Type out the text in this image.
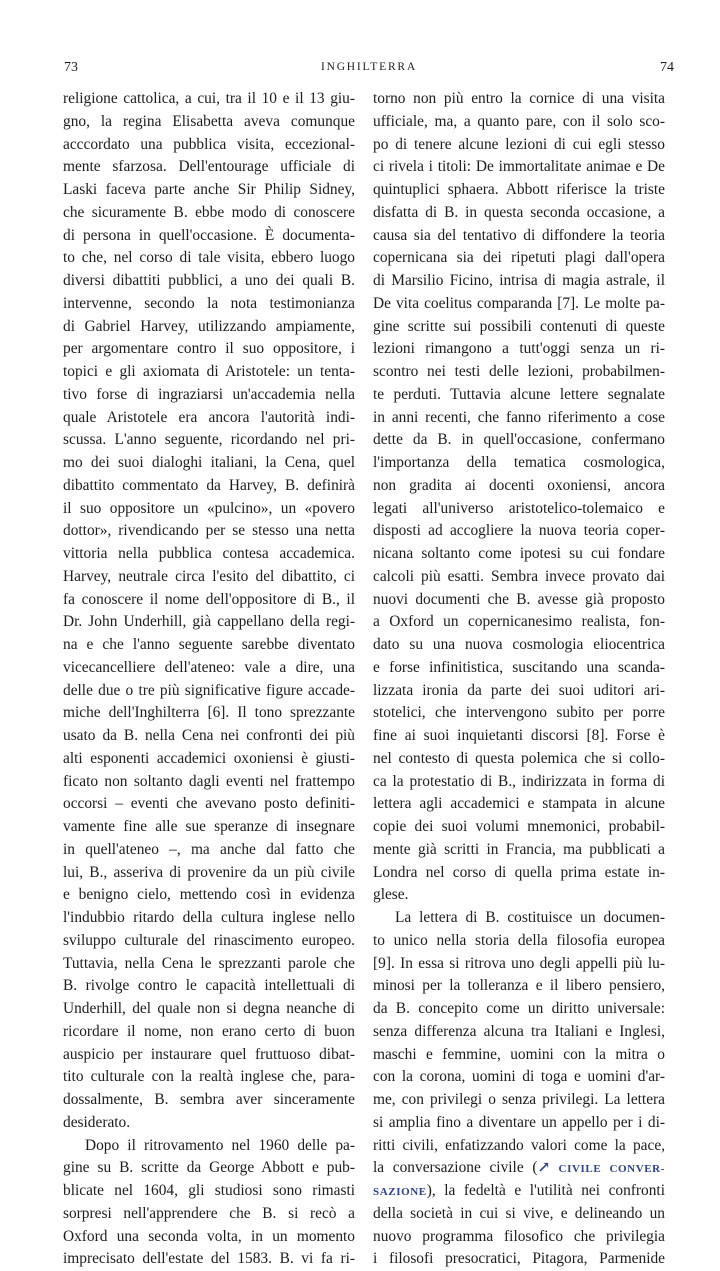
73	INGHILTERRA	74
religione cattolica, a cui, tra il 10 e il 13 giu-
gno, la regina Elisabetta aveva comunque
acccordato una pubblica visita, eccezional-
mente sfarzosa. Dell'entourage ufficiale di
Laski faceva parte anche Sir Philip Sidney,
che sicuramente B. ebbe modo di conoscere
di persona in quell'occasione. È documenta-
to che, nel corso di tale visita, ebbero luogo
diversi dibattiti pubblici, a uno dei quali B.
intervenne, secondo la nota testimonianza
di Gabriel Harvey, utilizzando ampiamente,
per argomentare contro il suo oppositore, i
topici e gli axiomata di Aristotele: un tenta-
tivo forse di ingraziarsi un'accademia nella
quale Aristotele era ancora l'autorità indi-
scussa. L'anno seguente, ricordando nel pri-
mo dei suoi dialoghi italiani, la Cena, quel
dibattito commentato da Harvey, B. definirà
il suo oppositore un «pulcino», un «povero
dottor», rivendicando per se stesso una netta
vittoria nella pubblica contesa accademica.
Harvey, neutrale circa l'esito del dibattito, ci
fa conoscere il nome dell'oppositore di B., il
Dr. John Underhill, già cappellano della regi-
na e che l'anno seguente sarebbe diventato
vicecancelliere dell'ateneo: vale a dire, una
delle due o tre più significative figure accade-
miche dell'Inghilterra [6]. Il tono sprezzante
usato da B. nella Cena nei confronti dei più
alti esponenti accademici oxoniensi è giusti-
ficato non soltanto dagli eventi nel frattempo
occorsi – eventi che avevano posto definiti-
vamente fine alle sue speranze di insegnare
in quell'ateneo –, ma anche dal fatto che
lui, B., asseriva di provenire da un più civile
e benigno cielo, mettendo così in evidenza
l'indubbio ritardo della cultura inglese nello
sviluppo culturale del rinascimento europeo.
Tuttavia, nella Cena le sprezzanti parole che
B. rivolge contro le capacità intellettuali di
Underhill, del quale non si degna neanche di
ricordare il nome, non erano certo di buon
auspicio per instaurare quel fruttuoso dibat-
tito culturale con la realtà inglese che, para-
dossalmente, B. sembra aver sinceramente
desiderato.
Dopo il ritrovamento nel 1960 delle pa-
gine su B. scritte da George Abbott e pub-
blicate nel 1604, gli studiosi sono rimasti
sorpresi nell'apprendere che B. si recò a
Oxford una seconda volta, in un momento
imprecisato dell'estate del 1583. B. vi fa ri-
torno non più entro la cornice di una visita
ufficiale, ma, a quanto pare, con il solo sco-
po di tenere alcune lezioni di cui egli stesso
ci rivela i titoli: De immortalitate animae e De
quintuplici sphaera. Abbott riferisce la triste
disfatta di B. in questa seconda occasione, a
causa sia del tentativo di diffondere la teoria
copernicana sia dei ripetuti plagi dall'opera
di Marsilio Ficino, intrisa di magia astrale, il
De vita coelitus comparanda [7]. Le molte pa-
gine scritte sui possibili contenuti di queste
lezioni rimangono a tutt'oggi senza un ri-
scontro nei testi delle lezioni, probabilmen-
te perduti. Tuttavia alcune lettere segnalate
in anni recenti, che fanno riferimento a cose
dette da B. in quell'occasione, confermano
l'importanza della tematica cosmologica,
non gradita ai docenti oxoniensi, ancora
legati all'universo aristotelico-tolemaico e
disposti ad accogliere la nuova teoria coper-
nicana soltanto come ipotesi su cui fondare
calcoli più esatti. Sembra invece provato dai
nuovi documenti che B. avesse già proposto
a Oxford un copernicanesimo realista, fon-
dato su una nuova cosmologia eliocentrica
e forse infinitistica, suscitando una scanda-
lizzata ironia da parte dei suoi uditori ari-
stotelici, che intervengono subito per porre
fine ai suoi inquietanti discorsi [8]. Forse è
nel contesto di questa polemica che si collo-
ca la protestatio di B., indirizzata in forma di
lettera agli accademici e stampata in alcune
copie dei suoi volumi mnemonici, probabil-
mente già scritti in Francia, ma pubblicati a
Londra nel corso di quella prima estate in-
glese.
La lettera di B. costituisce un documen-
to unico nella storia della filosofia europea
[9]. In essa si ritrova uno degli appelli più lu-
minosi per la tolleranza e il libero pensiero,
da B. concepito come un diritto universale:
senza differenza alcuna tra Italiani e Inglesi,
maschi e femmine, uomini con la mitra o
con la corona, uomini di toga e uomini d'ar-
me, con privilegi o senza privilegi. La lettera
si amplia fino a diventare un appello per i di-
ritti civili, enfatizzando valori come la pace,
la conversazione civile (↗ CIVILE CONVER-
SAZIONE), la fedeltà e l'utilità nei confronti
della società in cui si vive, e delineando un
nuovo programma filosofico che privilegia
i filosofi presocratici, Pitagora, Parmenide
